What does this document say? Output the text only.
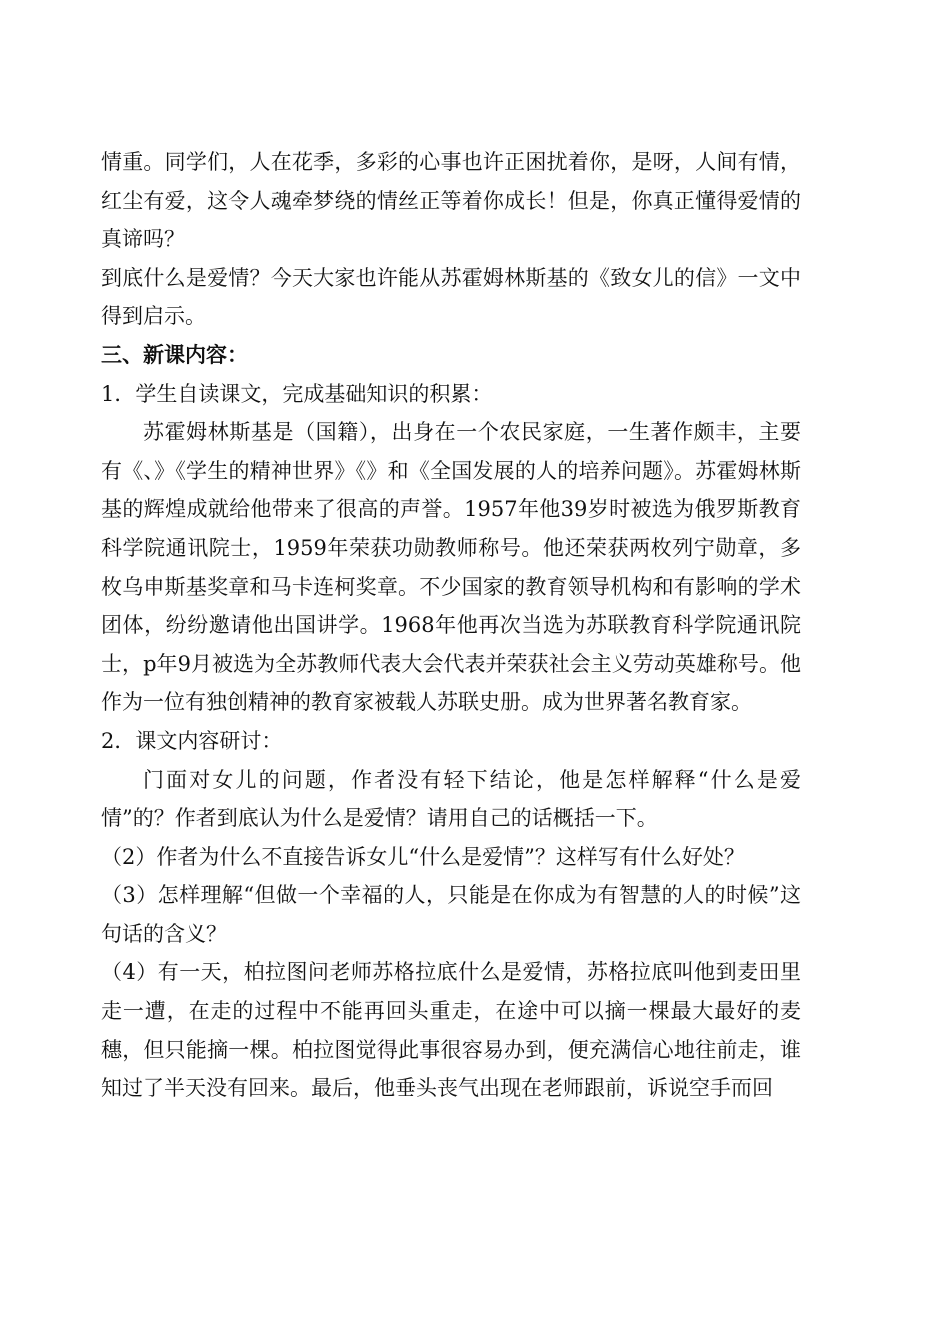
情重。同学们，人在花季，多彩的心事也许正困扰着你，是呀，人间有情，红尘有爱，这令人魂牵梦绕的情丝正等着你成长！但是，你真正懂得爱情的真谛吗？

到底什么是爱情？今天大家也许能从苏霍姆林斯基的《致女儿的信》一文中得到启示。

三、新课内容：

1．学生自读课文，完成基础知识的积累：

苏霍姆林斯基是（国籍），出身在一个农民家庭，一生著作颇丰，主要有《、》《学生的精神世界》《》和《全国发展的人的培养问题》。苏霍姆林斯基的辉煌成就给他带来了很高的声誉。1957年他39岁时被选为俄罗斯教育科学院通讯院士，1959年荣获功勋教师称号。他还荣获两枚列宁勋章，多枚乌申斯基奖章和马卡连柯奖章。不少国家的教育领导机构和有影响的学术团体，纷纷邀请他出国讲学。1968年他再次当选为苏联教育科学院通讯院士，p年9月被选为全苏教师代表大会代表并荣获社会主义劳动英雄称号。他作为一位有独创精神的教育家被载人苏联史册。成为世界著名教育家。

2．课文内容研讨：

门面对女儿的问题，作者没有轻下结论，他是怎样解释“什么是爱情”的？作者到底认为什么是爱情？请用自己的话概括一下。

（2）作者为什么不直接告诉女儿“什么是爱情”？这样写有什么好处？

（3）怎样理解“但做一个幸福的人，只能是在你成为有智慧的人的时候”这句话的含义？

（4）有一天，柏拉图问老师苏格拉底什么是爱情，苏格拉底叫他到麦田里走一遭，在走的过程中不能再回头重走，在途中可以摘一棵最大最好的麦穗，但只能摘一棵。柏拉图觉得此事很容易办到，便充满信心地往前走，谁知过了半天没有回来。最后，他垂头丧气出现在老师跟前，诉说空手而回
